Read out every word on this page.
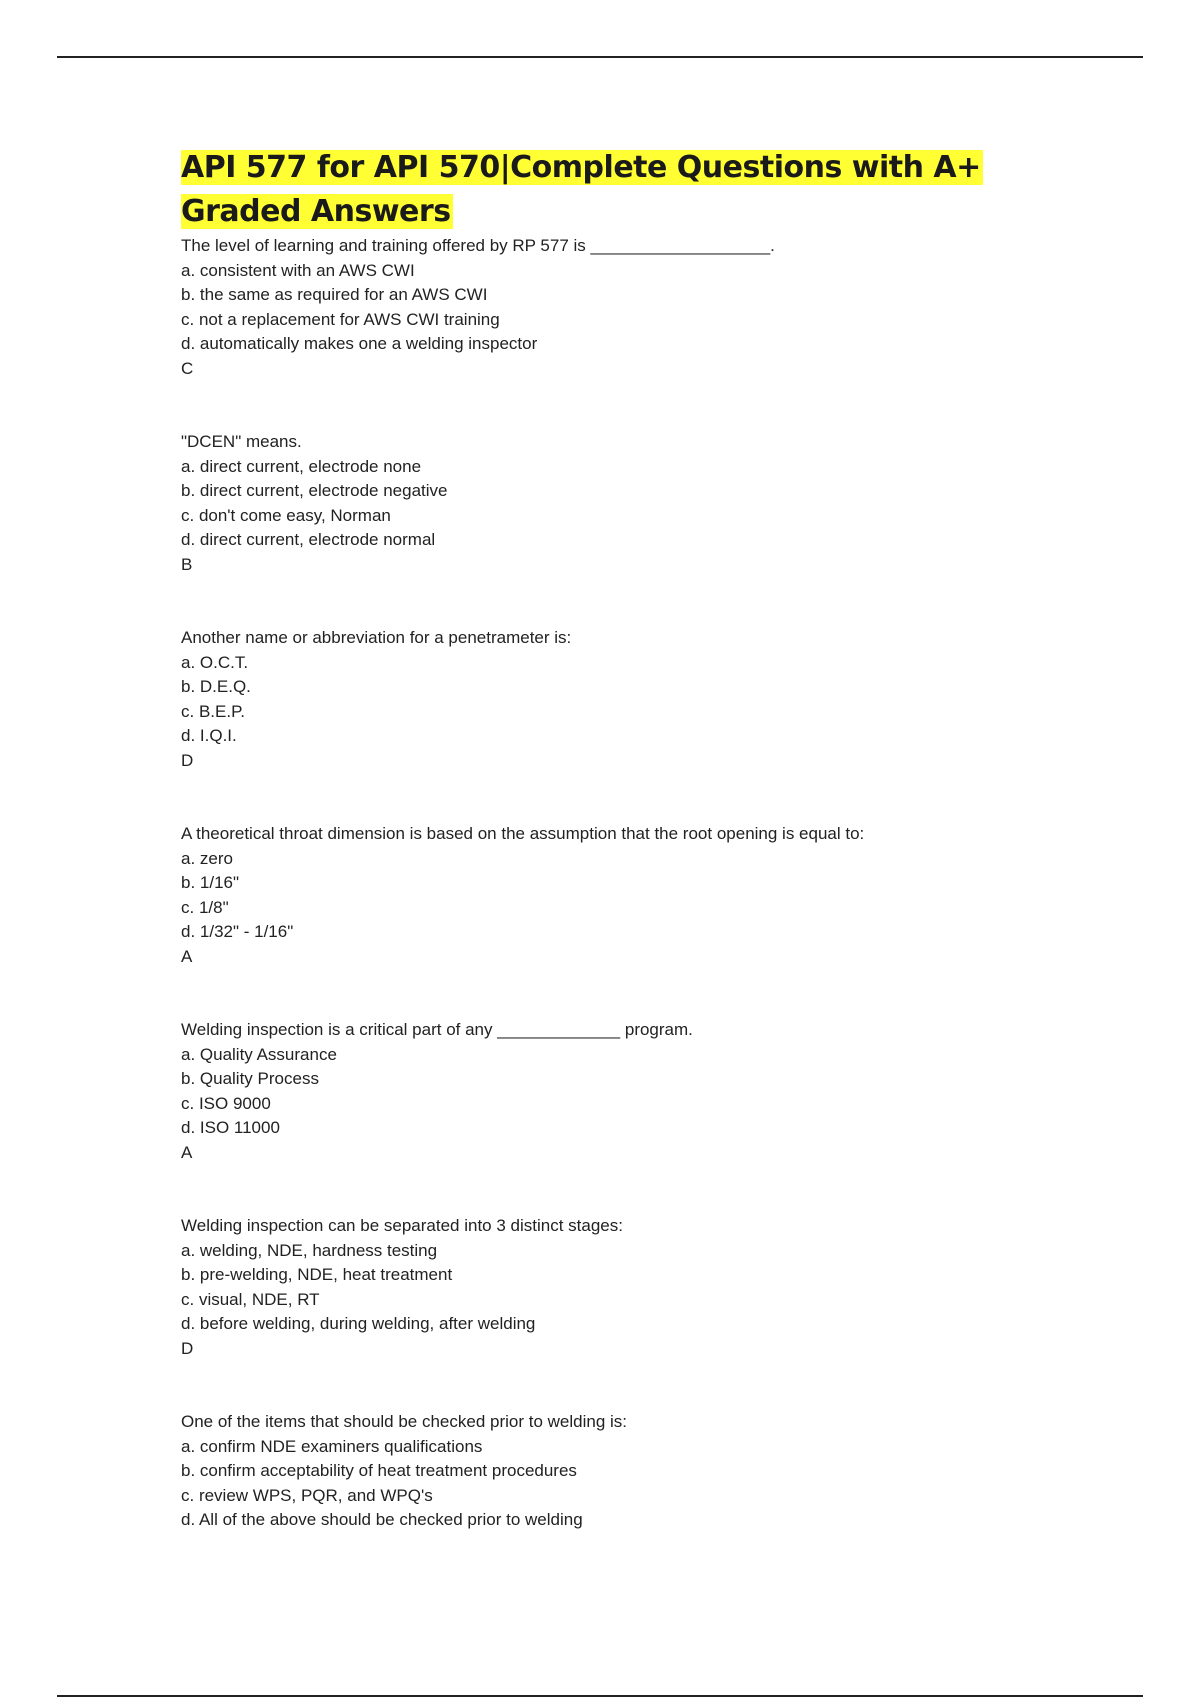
API 577 for API 570|Complete Questions with A+ Graded Answers
The level of learning and training offered by RP 577 is ___________________.
a. consistent with an AWS CWI
b. the same as required for an AWS CWI
c. not a replacement for AWS CWI training
d. automatically makes one a welding inspector
C
"DCEN" means.
a. direct current, electrode none
b. direct current, electrode negative
c. don't come easy, Norman
d. direct current, electrode normal
B
Another name or abbreviation for a penetrameter is:
a. O.C.T.
b. D.E.Q.
c. B.E.P.
d. I.Q.I.
D
A theoretical throat dimension is based on the assumption that the root opening is equal to:
a. zero
b. 1/16"
c. 1/8"
d. 1/32" - 1/16"
A
Welding inspection is a critical part of any _____________ program.
a. Quality Assurance
b. Quality Process
c. ISO 9000
d. ISO 11000
A
Welding inspection can be separated into 3 distinct stages:
a. welding, NDE, hardness testing
b. pre-welding, NDE, heat treatment
c. visual, NDE, RT
d. before welding, during welding, after welding
D
One of the items that should be checked prior to welding is:
a. confirm NDE examiners qualifications
b. confirm acceptability of heat treatment procedures
c. review WPS, PQR, and WPQ's
d. All of the above should be checked prior to welding
